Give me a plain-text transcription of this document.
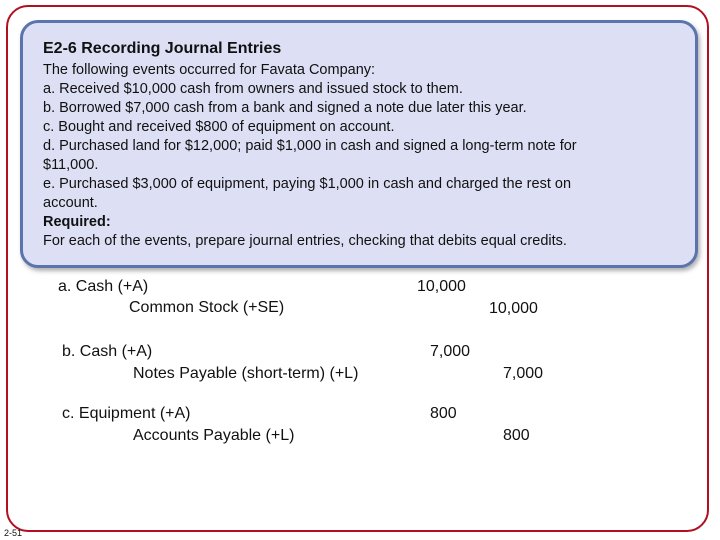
E2-6 Recording Journal Entries
The following events occurred for Favata Company:
a. Received $10,000 cash from owners and issued stock to them.
b. Borrowed $7,000 cash from a bank and signed a note due later this year.
c. Bought and received $800 of equipment on account.
d. Purchased land for $12,000; paid $1,000 in cash and signed a long-term note for
$11,000.
e. Purchased $3,000 of equipment, paying $1,000 in cash and charged the rest on
account.
Required:
For each of the events, prepare journal entries, checking that debits equal credits.
a. Cash (+A)
Common Stock (+SE)
10,000
10,000
b. Cash (+A)
Notes Payable (short-term) (+L)
7,000
7,000
c. Equipment (+A)
Accounts Payable (+L)
800
800
2-51
